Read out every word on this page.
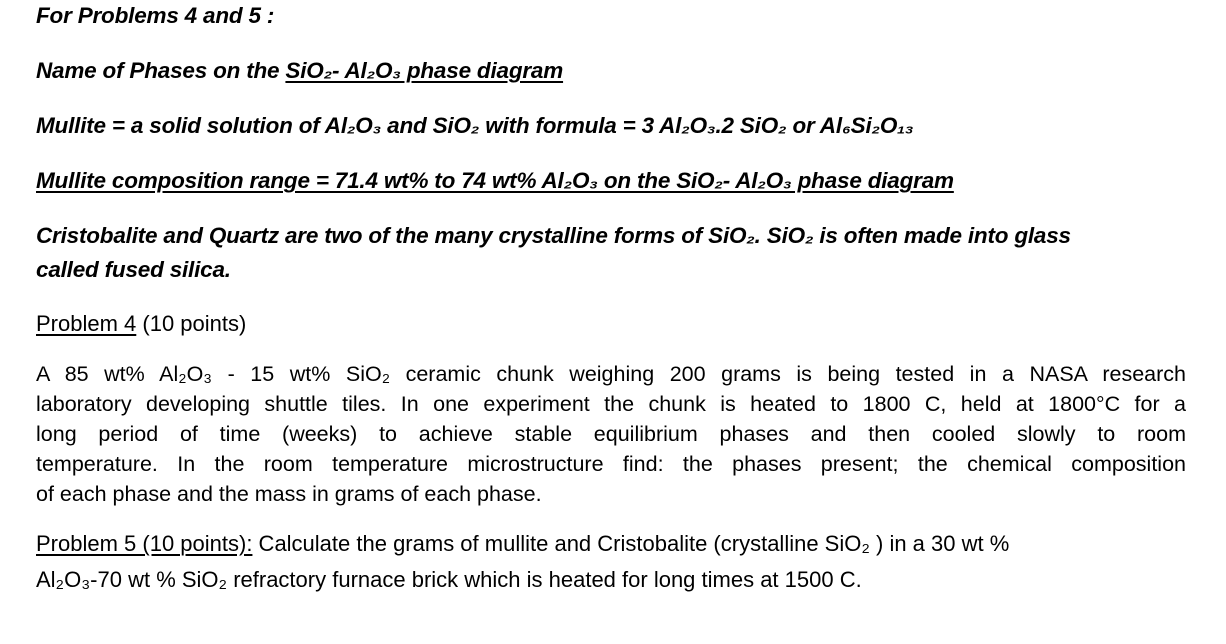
For Problems 4 and 5 :
Name of Phases on the SiO₂- Al₂O₃ phase diagram
Mullite = a solid solution of Al₂O₃ and SiO₂ with formula = 3 Al₂O₃.2 SiO₂ or Al₆Si₂O₁₃
Mullite composition range = 71.4 wt% to 74 wt% Al₂O₃ on the SiO₂- Al₂O₃ phase diagram
Cristobalite and Quartz are two of the many crystalline forms of SiO₂. SiO₂ is often made into glass
called fused silica.
Problem 4 (10 points)
A 85 wt% Al₂O₃ - 15 wt% SiO₂ ceramic chunk weighing 200 grams is being tested in a NASA research
laboratory developing shuttle tiles. In one experiment the chunk is heated to 1800 C, held at 1800°C for a
long period of time (weeks) to achieve stable equilibrium phases and then cooled slowly to room
temperature. In the room temperature microstructure find: the phases present; the chemical composition
of each phase and the mass in grams of each phase.
Problem 5 (10 points): Calculate the grams of mullite and Cristobalite (crystalline SiO₂ ) in a 30 wt %
Al₂O₃-70 wt % SiO₂ refractory furnace brick which is heated for long times at 1500 C.
